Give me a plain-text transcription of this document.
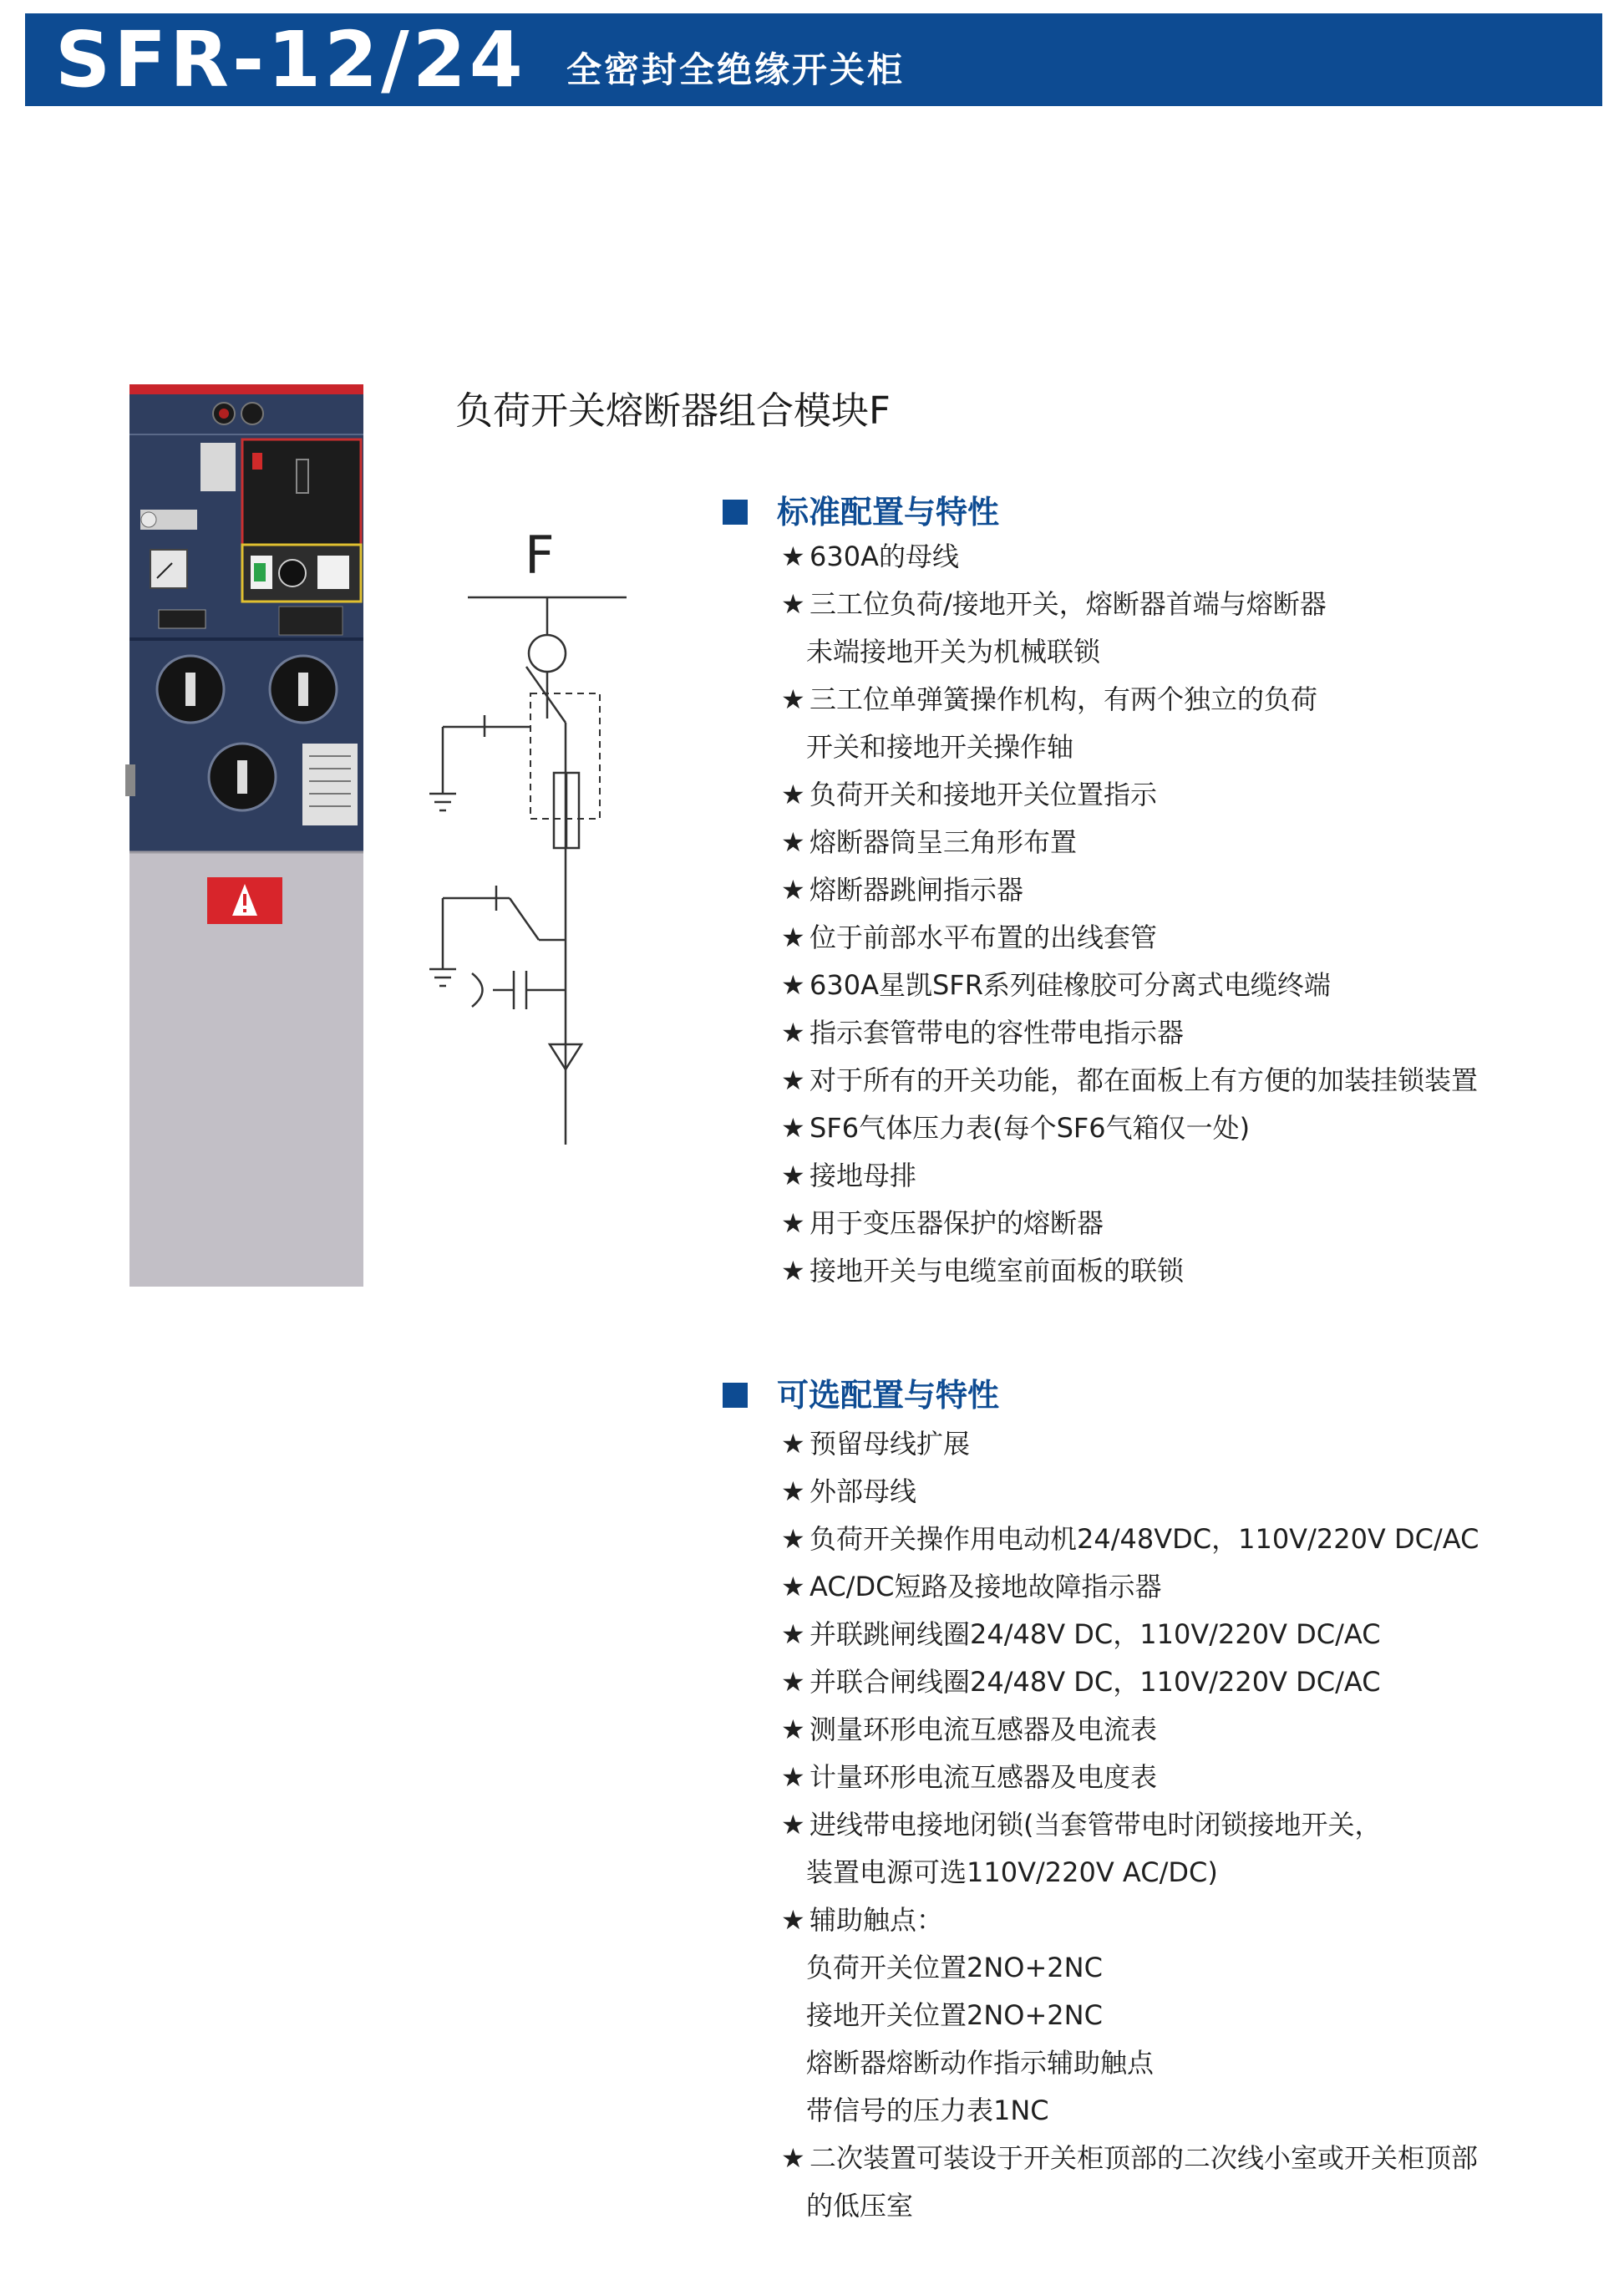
SFR-12/24 全密封全绝缘开关柜
负荷开关熔断器组合模块F
F
标准配置与特性
★ 630A的母线
★ 三工位负荷/接地开关，熔断器首端与熔断器
未端接地开关为机械联锁
★ 三工位单弹簧操作机构，有两个独立的负荷
开关和接地开关操作轴
★ 负荷开关和接地开关位置指示
★ 熔断器筒呈三角形布置
★ 熔断器跳闸指示器
★ 位于前部水平布置的出线套管
★ 630A星凯SFR系列硅橡胶可分离式电缆终端
★ 指示套管带电的容性带电指示器
★ 对于所有的开关功能，都在面板上有方便的加装挂锁装置
★ SF6气体压力表(每个SF6气箱仅一处)
★ 接地母排
★ 用于变压器保护的熔断器
★ 接地开关与电缆室前面板的联锁
可选配置与特性
★ 预留母线扩展
★ 外部母线
★ 负荷开关操作用电动机24/48VDC，110V/220V DC/AC
★ AC/DC短路及接地故障指示器
★ 并联跳闸线圈24/48V DC，110V/220V DC/AC
★ 并联合闸线圈24/48V DC，110V/220V DC/AC
★ 测量环形电流互感器及电流表
★ 计量环形电流互感器及电度表
★ 进线带电接地闭锁(当套管带电时闭锁接地开关，
装置电源可选110V/220V AC/DC)
★ 辅助触点：
负荷开关位置2NO+2NC
接地开关位置2NO+2NC
熔断器熔断动作指示辅助触点
带信号的压力表1NC
★ 二次装置可装设于开关柜顶部的二次线小室或开关柜顶部
的低压室
